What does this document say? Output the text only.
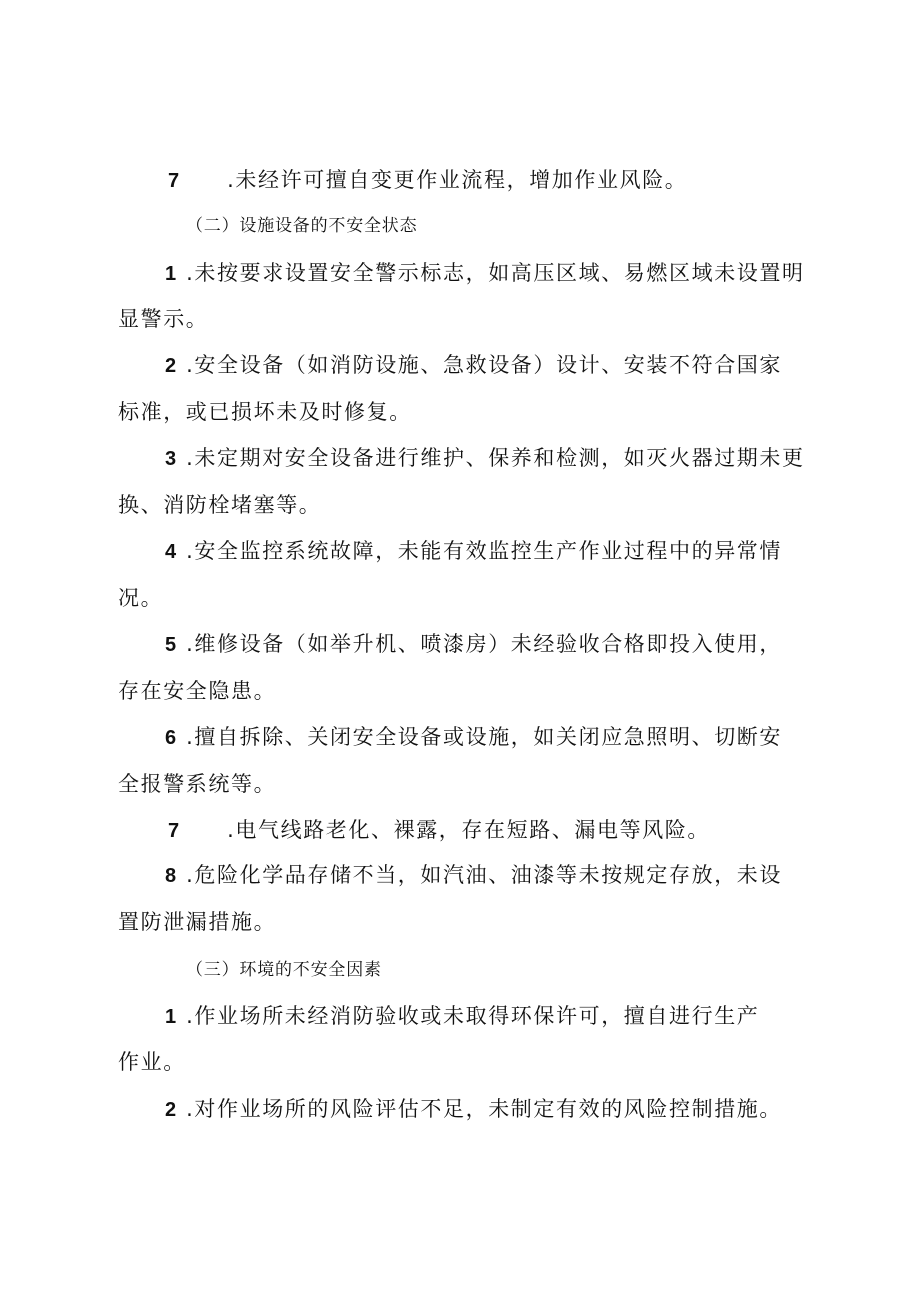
7 .未经许可擅自变更作业流程，增加作业风险。
（二）设施设备的不安全状态
1 .未按要求设置安全警示标志，如高压区域、易燃区域未设置明
显警示。
2 .安全设备（如消防设施、急救设备）设计、安装不符合国家
标准，或已损坏未及时修复。
3 .未定期对安全设备进行维护、保养和检测，如灭火器过期未更
换、消防栓堵塞等。
4 .安全监控系统故障，未能有效监控生产作业过程中的异常情
况。
5 .维修设备（如举升机、喷漆房）未经验收合格即投入使用，
存在安全隐患。
6 .擅自拆除、关闭安全设备或设施，如关闭应急照明、切断安
全报警系统等。
7 .电气线路老化、裸露，存在短路、漏电等风险。
8 .危险化学品存储不当，如汽油、油漆等未按规定存放，未设
置防泄漏措施。
（三）环境的不安全因素
1 .作业场所未经消防验收或未取得环保许可，擅自进行生产
作业。
2 .对作业场所的风险评估不足，未制定有效的风险控制措施。
